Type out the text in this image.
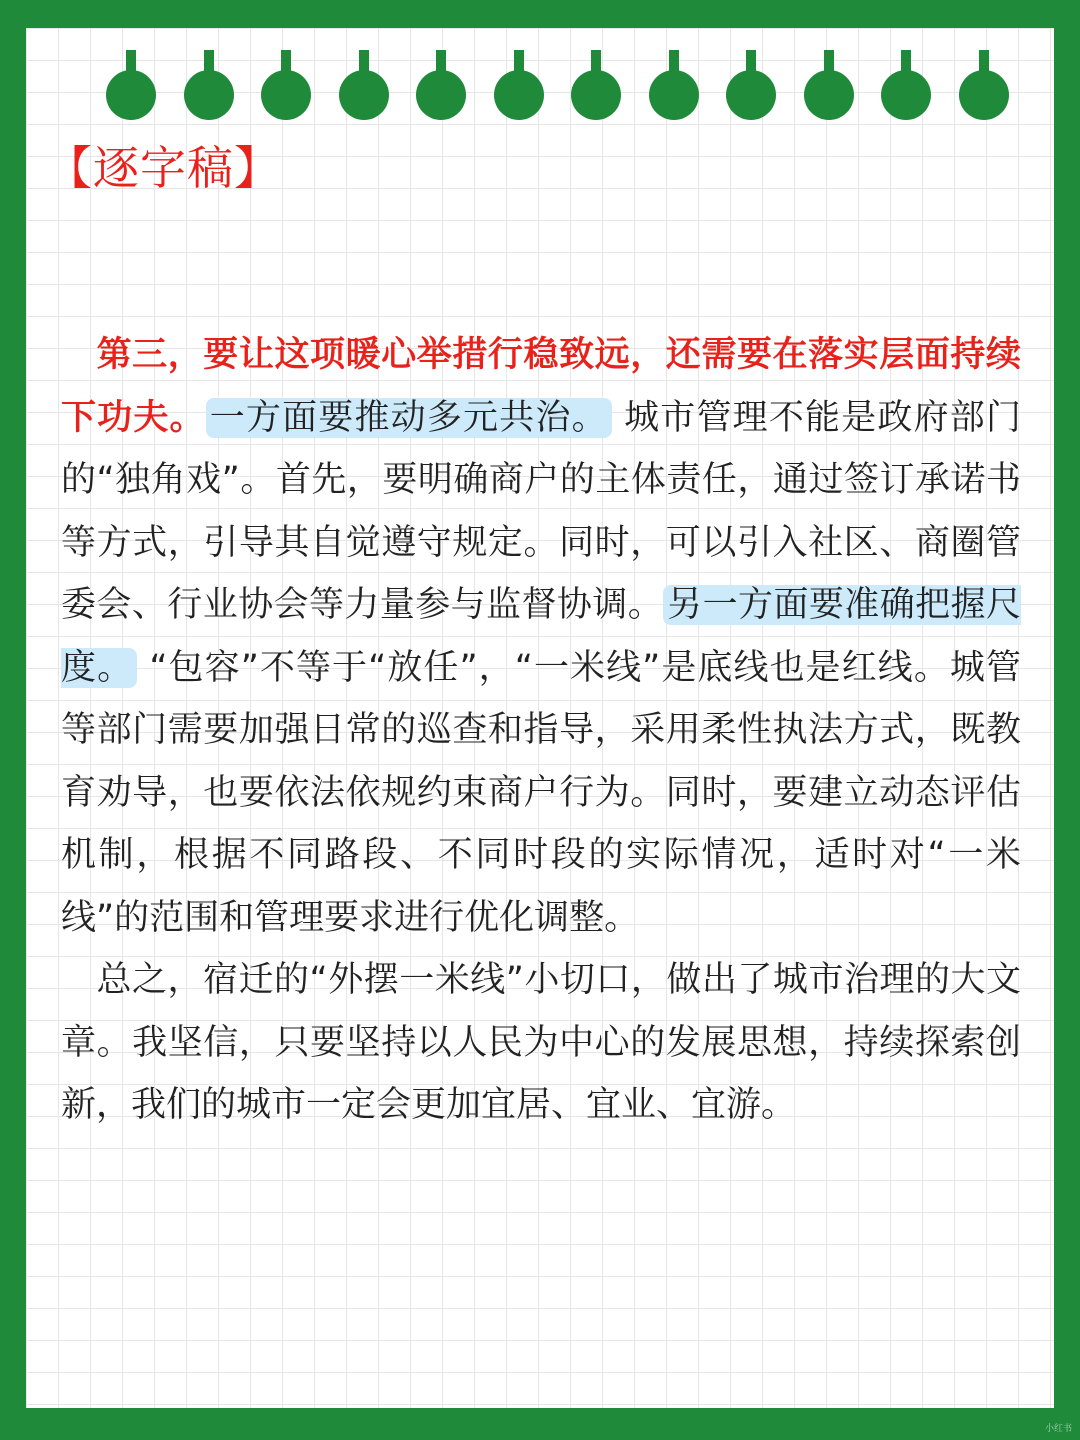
【逐字稿】

第三，要让这项暖心举措行稳致远，还需要在落实层面持续下功夫。 一方面要推动多元共治。 城市管理不能是政府部门的“独角戏”。首先，要明确商户的主体责任，通过签订承诺书等方式，引导其自觉遵守规定。同时，可以引入社区、商圈管委会、行业协会等力量参与监督协调。 另一方面要准确把握尺度。 “包容”不等于“放任”，“一米线”是底线也是红线。城管等部门需要加强日常的巡查和指导，采用柔性执法方式，既教育劝导，也要依法依规约束商户行为。同时，要建立动态评估机制，根据不同路段、不同时段的实际情况，适时对“一米线”的范围和管理要求进行优化调整。

总之，宿迁的“外摆一米线”小切口，做出了城市治理的大文章。我坚信，只要坚持以人民为中心的发展思想，持续探索创新，我们的城市一定会更加宜居、宜业、宜游。

小红书
